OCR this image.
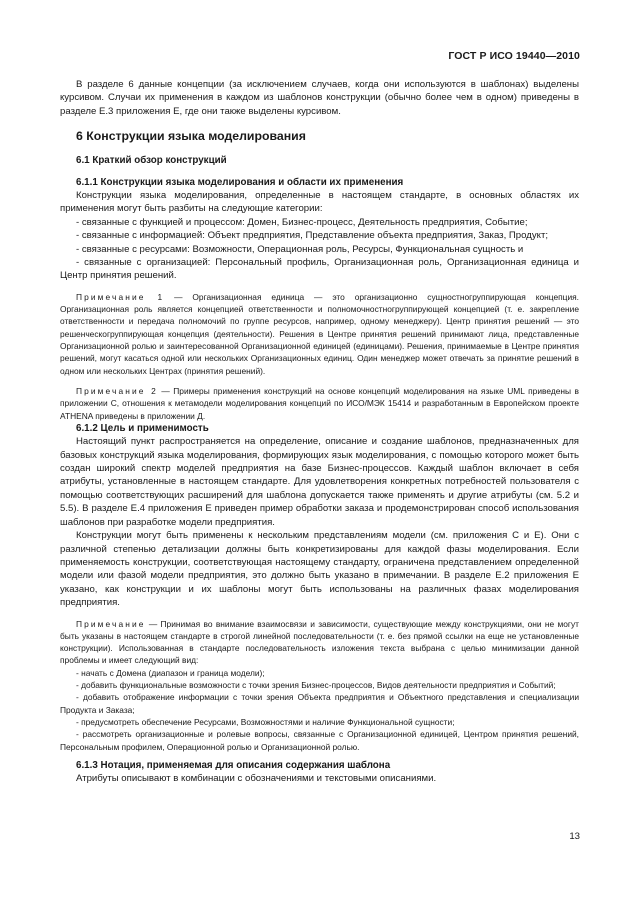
ГОСТ Р ИСО 19440—2010

В разделе 6 данные концепции (за исключением случаев, когда они используются в шаблонах) выделены курсивом. Случаи их применения в каждом из шаблонов конструкции (обычно более чем в одном) приведены в разделе Е.3 приложения Е, где они также выделены курсивом.

6 Конструкции языка моделирования
6.1 Краткий обзор конструкций
6.1.1 Конструкции языка моделирования и области их применения

Конструкции языка моделирования, определенные в настоящем стандарте, в основных областях их применения могут быть разбиты на следующие категории:

- связанные с функцией и процессом: Домен, Бизнес-процесс, Деятельность предприятия, Событие;

- связанные с информацией: Объект предприятия, Представление объекта предприятия, Заказ, Продукт;

- связанные с ресурсами: Возможности, Операционная роль, Ресурсы, Функциональная сущность и

- связанные с организацией: Персональный профиль, Организационная роль, Организационная единица и Центр принятия решений.

Примечание 1 — Организационная единица — это организационно сущностногруппирующая концепция. Организационная роль является концепцией ответственности и полномочностногруппирующей концепцией (т. е. закрепление ответственности и передача полномочий по группе ресурсов, например, одному менеджеру). Центр принятия решений — это решенческогруппирующая концепция (деятельности). Решения в Центре принятия решений принимают лица, представленные Организационной ролью и заинтересованной Организационной единицей (единицами). Решения, принимаемые в Центре принятия решений, могут касаться одной или нескольких Организационных единиц. Один менеджер может отвечать за принятие решений в одном или нескольких Центрах (принятия решений).

Примечание 2 — Примеры применения конструкций на основе концепций моделирования на языке UML приведены в приложении С, отношения к метамодели моделирования концепций по ИСО/МЭК 15414 и разработанным в Европейском проекте ATHENA приведены в приложении Д.

6.1.2 Цель и применимость

Настоящий пункт распространяется на определение, описание и создание шаблонов, предназначенных для базовых конструкций языка моделирования, формирующих язык моделирования, с помощью которого может быть создан широкий спектр моделей предприятия на базе Бизнес-процессов. Каждый шаблон включает в себя атрибуты, установленные в настоящем стандарте. Для удовлетворения конкретных потребностей пользователя с помощью соответствующих расширений для шаблона допускается также применять и другие атрибуты (см. 5.2 и 5.5). В разделе Е.4 приложения Е приведен пример обработки заказа и продемонстрирован способ использования шаблонов при разработке модели предприятия.

Конструкции могут быть применены к нескольким представлениям модели (см. приложения С и Е). Они с различной степенью детализации должны быть конкретизированы для каждой фазы моделирования. Если применяемость конструкции, соответствующая настоящему стандарту, ограничена представлением определенной модели или фазой модели предприятия, это должно быть указано в примечании. В разделе Е.2 приложения Е указано, как конструкции и их шаблоны могут быть использованы на различных фазах моделирования предприятия.

Примечание — Принимая во внимание взаимосвязи и зависимости, существующие между конструкциями, они не могут быть указаны в настоящем стандарте в строгой линейной последовательности (т. е. без прямой ссылки на еще не установленные конструкции). Использованная в стандарте последовательность изложения текста выбрана с целью минимизации данной проблемы и имеет следующий вид:

- начать с Домена (диапазон и граница модели);

- добавить функциональные возможности с точки зрения Бизнес-процессов, Видов деятельности предприятия и Событий;

- добавить отображение информации с точки зрения Объекта предприятия и Объектного представления и специализации Продукта и Заказа;

- предусмотреть обеспечение Ресурсами, Возможностями и наличие Функциональной сущности;

- рассмотреть организационные и ролевые вопросы, связанные с Организационной единицей, Центром принятия решений, Персональным профилем, Операционной ролью и Организационной ролью.

6.1.3 Нотация, применяемая для описания содержания шаблона

Атрибуты описывают в комбинации с обозначениями и текстовыми описаниями.

13
